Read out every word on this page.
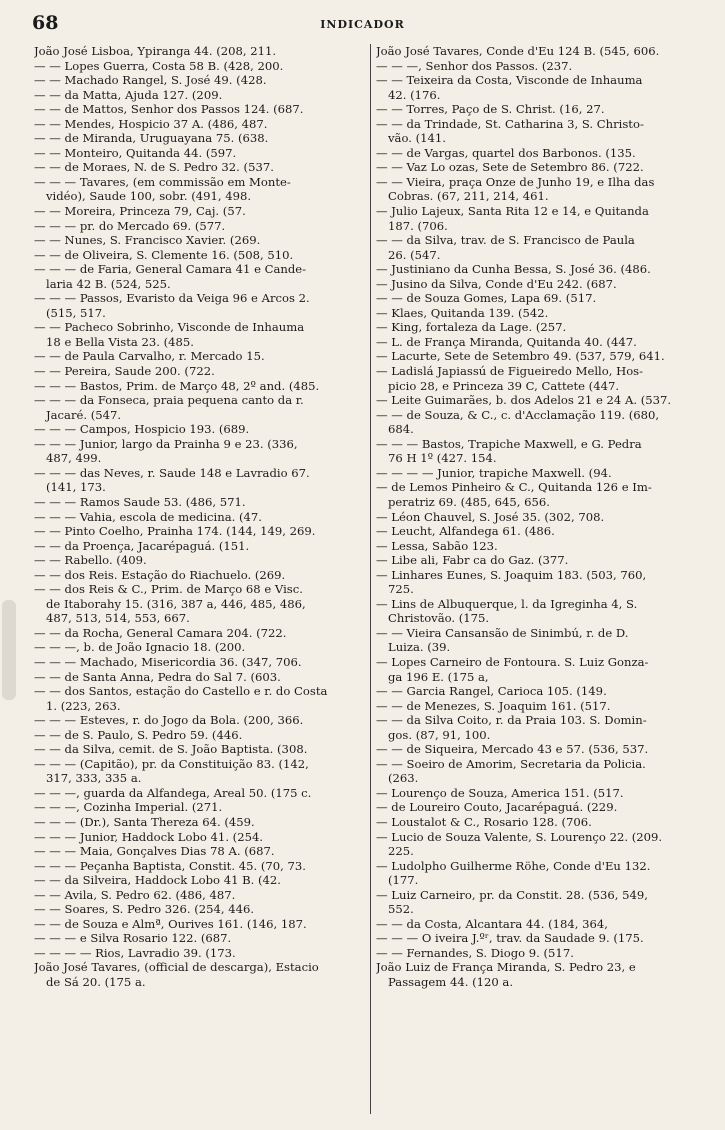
68	INDICADOR
João José Lisboa, Ypiranga 44. (208, 211.
— — Lopes Guerra, Costa 58 B. (428, 200.
— — Machado Rangel, S. José 49. (428.
— — da Matta, Ajuda 127. (209.
— — de Mattos, Senhor dos Passos 124. (687.
— — Mendes, Hospicio 37 A. (486, 487.
— — de Miranda, Uruguayana 75. (638.
— — Monteiro, Quitanda 44. (597.
— — de Moraes, N. de S. Pedro 32. (537.
— — — Tavares, (em commissão em Monte-
vidéo), Saude 100, sobr. (491, 498.
— — Moreira, Princeza 79, Caj. (57.
— — — pr. do Mercado 69. (577.
— — Nunes, S. Francisco Xavier. (269.
— — de Oliveira, S. Clemente 16. (508, 510.
— — — de Faria, General Camara 41 e Cande-
laria 42 B. (524, 525.
— — — Passos, Evaristo da Veiga 96 e Arcos 2.
(515, 517.
— — Pacheco Sobrinho, Visconde de Inhauma
18 e Bella Vista 23. (485.
— — de Paula Carvalho, r. Mercado 15.
— — Pereira, Saude 200. (722.
— — — Bastos, Prim. de Março 48, 2º and. (485.
— — — da Fonseca, praia pequena canto da r.
Jacaré. (547.
— — — Campos, Hospicio 193. (689.
— — — Junior, largo da Prainha 9 e 23. (336,
487, 499.
— — — das Neves, r. Saude 148 e Lavradio 67.
(141, 173.
— — — Ramos Saude 53. (486, 571.
— — — Vahia, escola de medicina. (47.
— — Pinto Coelho, Prainha 174. (144, 149, 269.
— — da Proença, Jacarépaguá. (151.
— — Rabello. (409.
— — dos Reis. Estação do Riachuelo. (269.
— — dos Reis & C., Prim. de Março 68 e Visc.
de Itaborahy 15. (316, 387 a, 446, 485, 486,
487, 513, 514, 553, 667.
— — da Rocha, General Camara 204. (722.
— — —, b. de João Ignacio 18. (200.
— — — Machado, Misericordia 36. (347, 706.
— — de Santa Anna, Pedra do Sal 7. (603.
— — dos Santos, estação do Castello e r. do Costa
1. (223, 263.
— — — Esteves, r. do Jogo da Bola. (200, 366.
— — de S. Paulo, S. Pedro 59. (446.
— — da Silva, cemit. de S. João Baptista. (308.
— — — (Capitão), pr. da Constituição 83. (142,
317, 333, 335 a.
— — —, guarda da Alfandega, Areal 50. (175 c.
— — —, Cozinha Imperial. (271.
— — — (Dr.), Santa Thereza 64. (459.
— — — Junior, Haddock Lobo 41. (254.
— — — Maia, Gonçalves Dias 78 A. (687.
— — — Peçanha Baptista, Constit. 45. (70, 73.
— — da Silveira, Haddock Lobo 41 B. (42.
— — Avila, S. Pedro 62. (486, 487.
— — Soares, S. Pedro 326. (254, 446.
— — de Souza e Almª, Ourives 161. (146, 187.
— — — e Silva Rosario 122. (687.
— — — — Rios, Lavradio 39. (173.
João José Tavares, (official de descarga), Estacio
de Sá 20. (175 a.
João José Tavares, Conde d'Eu 124 B. (545, 606.
— — —, Senhor dos Passos. (237.
— — Teixeira da Costa, Visconde de Inhauma
42. (176.
— — Torres, Paço de S. Christ. (16, 27.
— — da Trindade, St. Catharina 3, S. Christo-
vão. (141.
— — de Vargas, quartel dos Barbonos. (135.
— — Vaz Lo ozas, Sete de Setembro 86. (722.
— — Vieira, praça Onze de Junho 19, e Ilha das
Cobras. (67, 211, 214, 461.
— Julio Lajeux, Santa Rita 12 e 14, e Quitanda
187. (706.
— — da Silva, trav. de S. Francisco de Paula
26. (547.
— Justiniano da Cunha Bessa, S. José 36. (486.
— Jusino da Silva, Conde d'Eu 242. (687.
— — de Souza Gomes, Lapa 69. (517.
— Klaes, Quitanda 139. (542.
— King, fortaleza da Lage. (257.
— L. de França Miranda, Quitanda 40. (447.
— Lacurte, Sete de Setembro 49. (537, 579, 641.
— Ladislá Japiassú de Figueiredo Mello, Hos-
picio 28, e Princeza 39 C, Cattete (447.
— Leite Guimarães, b. dos Adelos 21 e 24 A. (537.
— — de Souza, & C., c. d'Acclamação 119. (680,
684.
— — — Bastos, Trapiche Maxwell, e G. Pedra
76 H 1º (427. 154.
— — — — Junior, trapiche Maxwell. (94.
— de Lemos Pinheiro & C., Quitanda 126 e Im-
peratriz 69. (485, 645, 656.
— Léon Chauvel, S. José 35. (302, 708.
— Leucht, Alfandega 61. (486.
— Lessa, Sabão 123.
— Libe ali, Fabr ca do Gaz. (377.
— Linhares Eunes, S. Joaquim 183. (503, 760,
725.
— Lins de Albuquerque, l. da Igreginha 4, S.
Christovão. (175.
— — Vieira Cansansão de Sinimbú, r. de D.
Luiza. (39.
— Lopes Carneiro de Fontoura. S. Luiz Gonza-
ga 196 E. (175 a,
— — Garcia Rangel, Carioca 105. (149.
— — de Menezes, S. Joaquim 161. (517.
— — da Silva Coito, r. da Praia 103. S. Domin-
gos. (87, 91, 100.
— — de Siqueira, Mercado 43 e 57. (536, 537.
— — Soeiro de Amorim, Secretaria da Policia.
(263.
— Lourenço de Souza, America 151. (517.
— de Loureiro Couto, Jacarépaguá. (229.
— Loustalot & C., Rosario 128. (706.
— Lucio de Souza Valente, S. Lourenço 22. (209.
225.
— Ludolpho Guilherme Röhe, Conde d'Eu 132.
(177.
— Luiz Carneiro, pr. da Constit. 28. (536, 549,
552.
— — da Costa, Alcantara 44. (184, 364,
— — — O iveira J.ºʳ, trav. da Saudade 9. (175.
— — Fernandes, S. Diogo 9. (517.
João Luiz de França Miranda, S. Pedro 23, e
Passagem 44. (120 a.
